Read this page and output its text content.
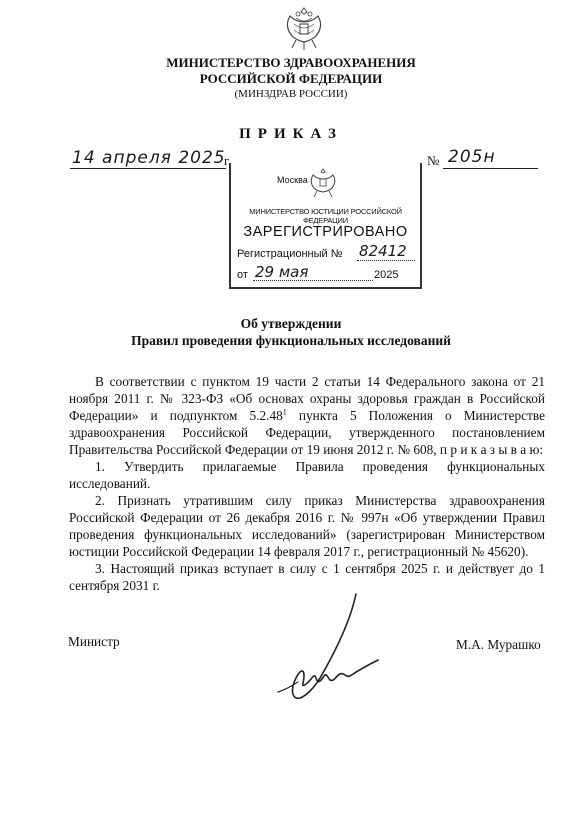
МИНИСТЕРСТВО ЗДРАВООХРАНЕНИЯ
РОССИЙСКОЙ ФЕДЕРАЦИИ
(МИНЗДРАВ РОССИИ)
ПРИКАЗ
14 апреля 2025
г.	№ 205н
Москва
МИНИСТЕРСТВО ЮСТИЦИИ РОССИЙСКОЙ ФЕДЕРАЦИИ
ЗАРЕГИСТРИРОВАНО
Регистрационный № 82412
от 29 мая	2025
Об утверждении
Правил проведения функциональных исследований

В соответствии с пунктом 19 части 2 статьи 14 Федерального закона от 21 ноября 2011 г. № 323-ФЗ «Об основах охраны здоровья граждан в Российской Федерации» и подпунктом 5.2.48$^1$ пункта 5 Положения о Министерстве здравоохранения Российской Федерации, утвержденного постановлением Правительства Российской Федерации от 19 июня 2012 г. № 608, п р и к а з ы в а ю:

1. Утвердить прилагаемые Правила проведения функциональных исследований.

2. Признать утратившим силу приказ Министерства здравоохранения Российской Федерации от 26 декабря 2016 г. № 997н «Об утверждении Правил проведения функциональных исследований» (зарегистрирован Министерством юстиции Российской Федерации 14 февраля 2017 г., регистрационный № 45620).

3. Настоящий приказ вступает в силу с 1 сентября 2025 г. и действует до 1 сентября 2031 г.

Министр	М.А. Мурашко
